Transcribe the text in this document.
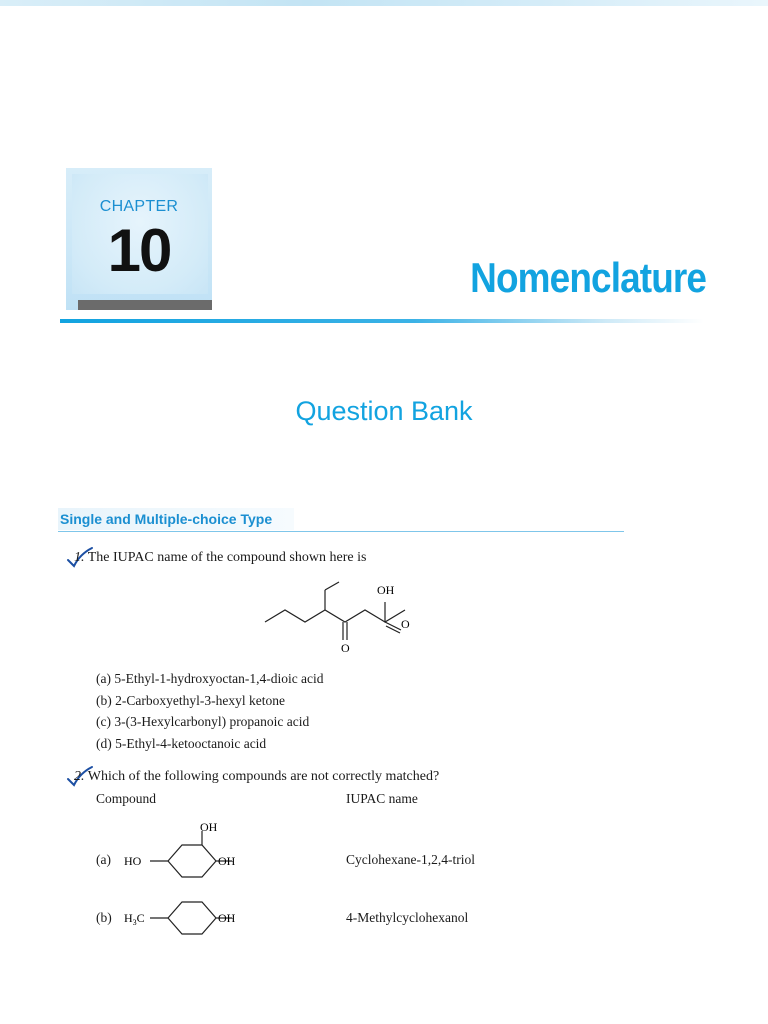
CHAPTER
10	Nomenclature
Question Bank
Single and Multiple-choice Type
1. The IUPAC name of the compound shown here is
OH
O
O
(a) 5-Ethyl-1-hydroxyoctan-1,4-dioic acid
(b) 2-Carboxyethyl-3-hexyl ketone
(c) 3-(3-Hexylcarbonyl) propanoic acid
(d) 5-Ethyl-4-ketooctanoic acid
2. Which of the following compounds are not correctly matched?
Compound	IUPAC name
(a) HO
OH
OH	Cyclohexane-1,2,4-triol
(b) $H_3C$	OH	4-Methylcyclohexanol
